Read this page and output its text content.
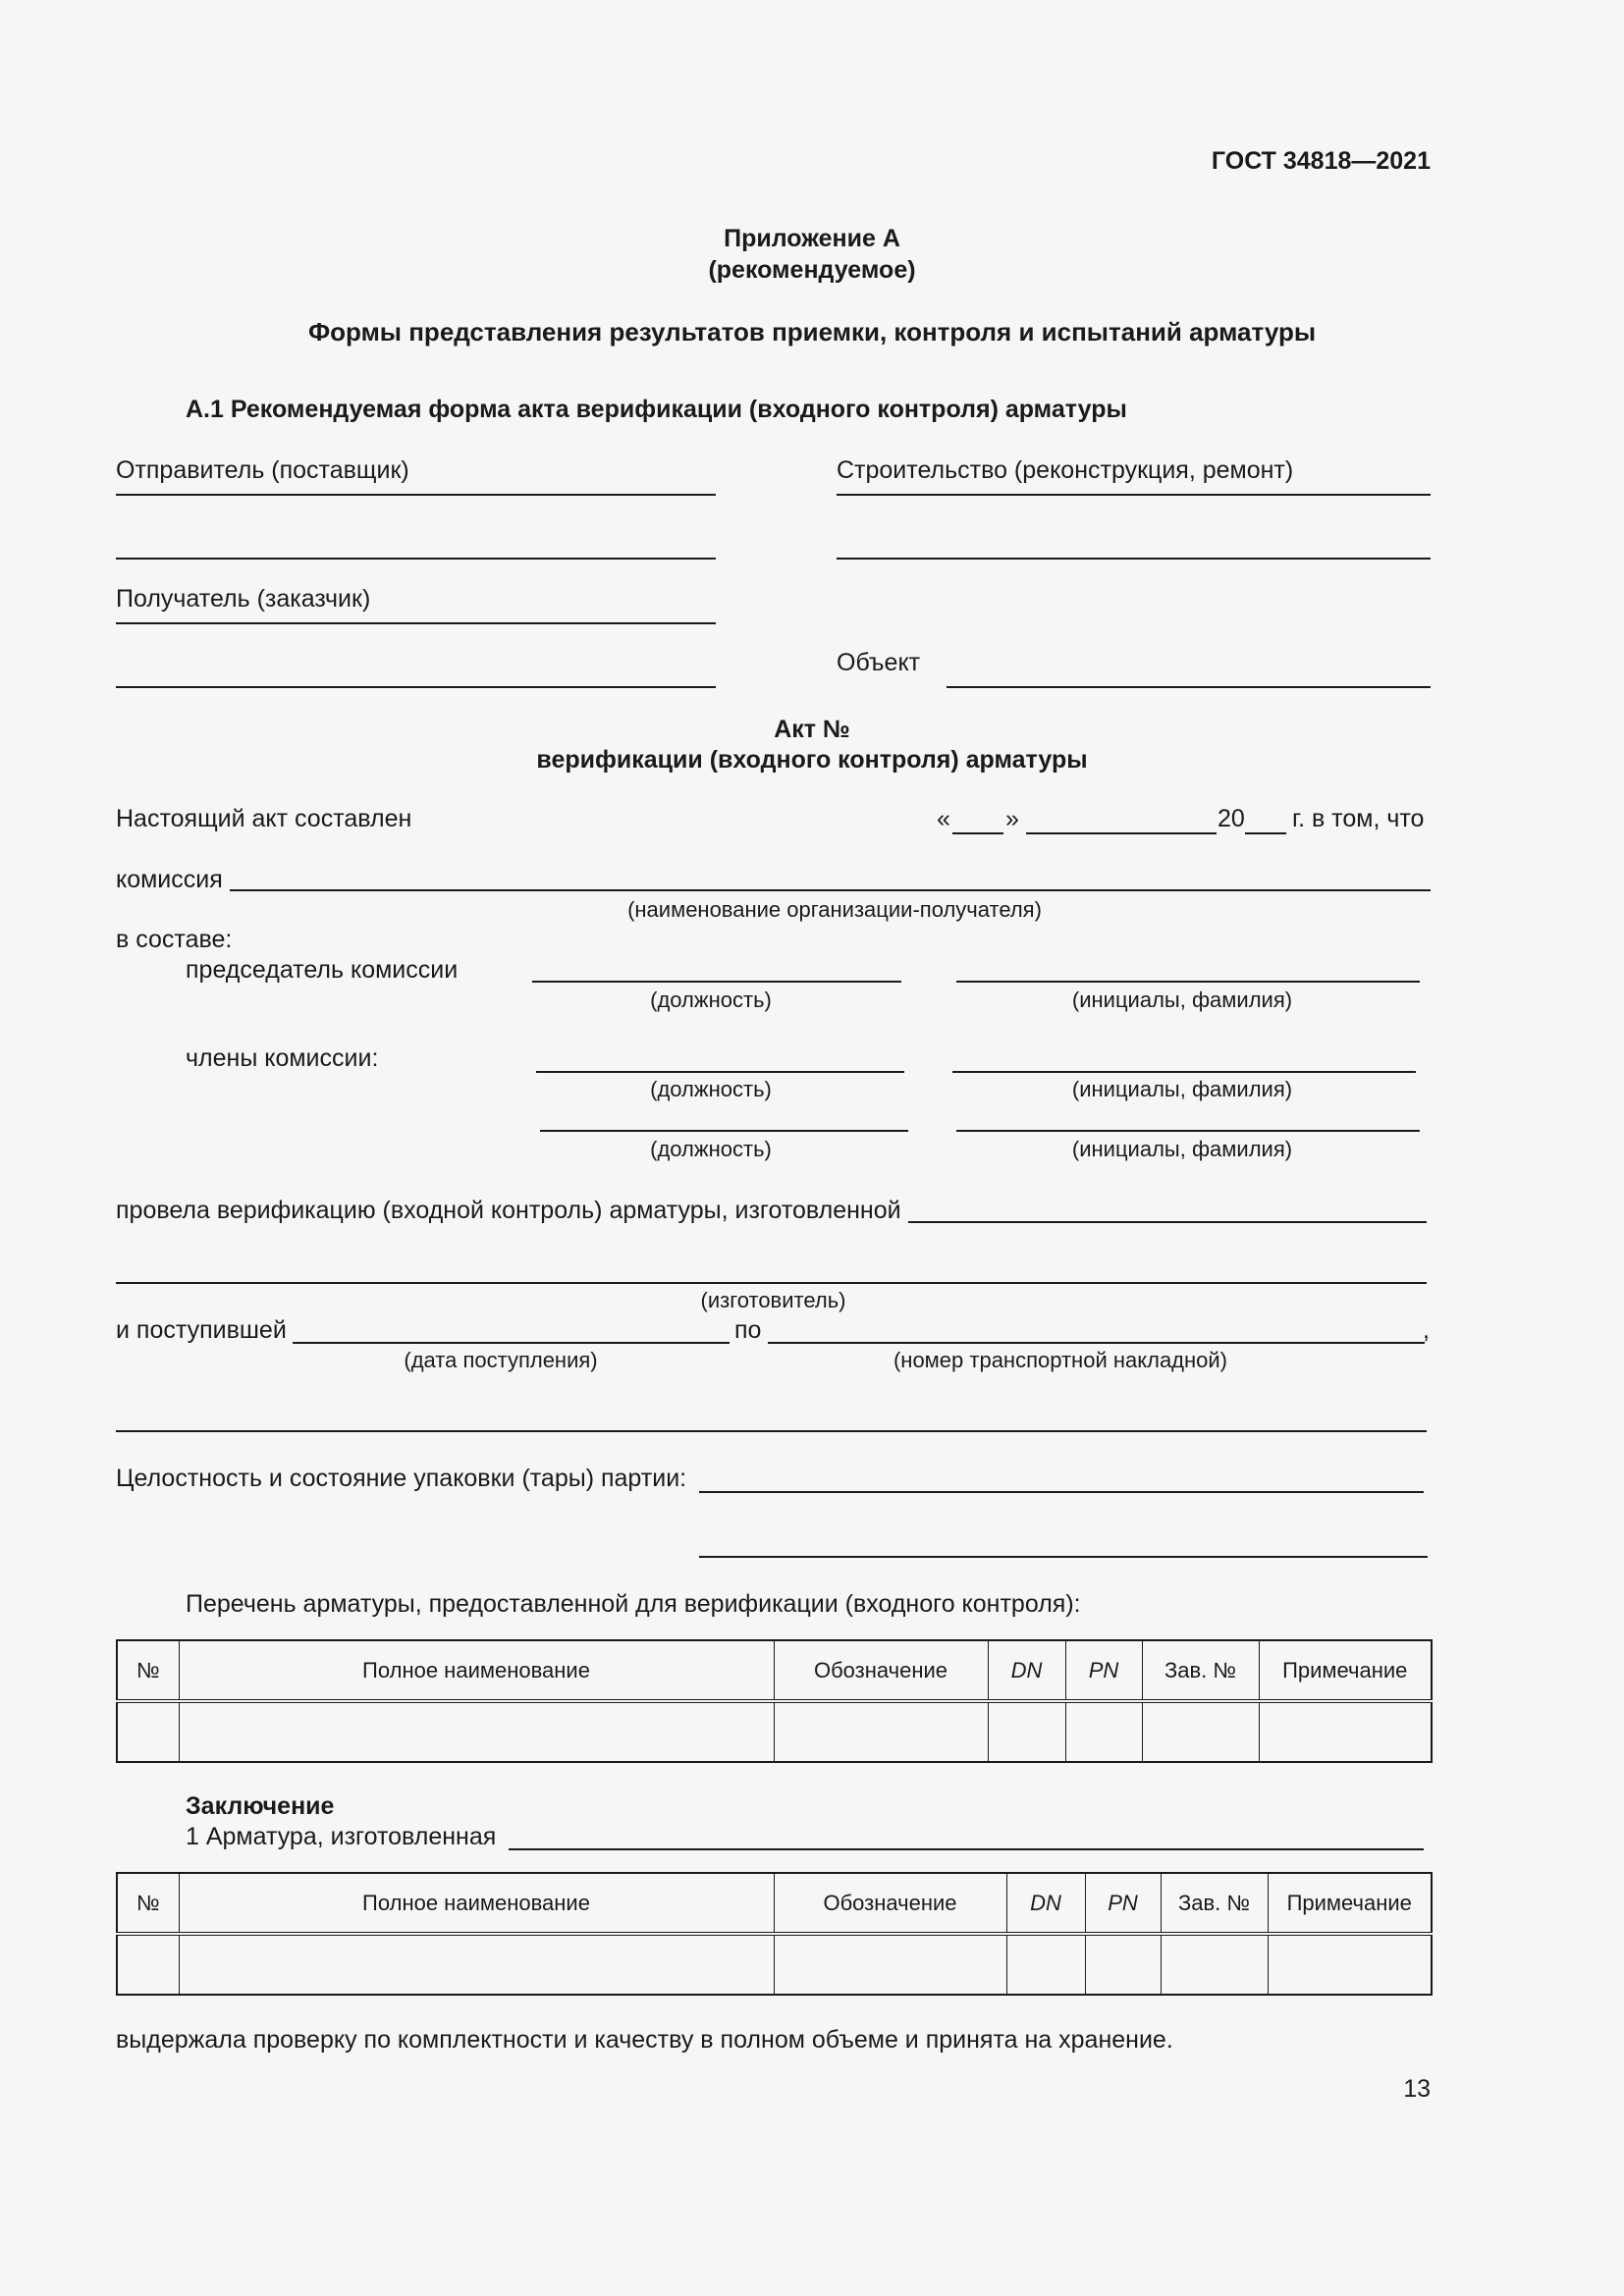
ГОСТ 34818—2021
Приложение А
(рекомендуемое)
Формы представления результатов приемки, контроля и испытаний арматуры
А.1 Рекомендуемая форма акта верификации (входного контроля) арматуры
Отправитель (поставщик)	Строительство (реконструкция, ремонт)
Получатель (заказчик)
Объект
Акт №
верификации (входного контроля) арматуры
Настоящий акт составлен	« »	20 г. в том, что
комиссия
(наименование организации-получателя)
в составе:
председатель комиссии
(должность)	(инициалы, фамилия)
члены комиссии:
(должность)	(инициалы, фамилия)
(должность)	(инициалы, фамилия)
провела верификацию (входной контроль) арматуры, изготовленной
(изготовитель)
и поступившей	по	,
(дата поступления)	(номер транспортной накладной)
Целостность и состояние упаковки (тары) партии:
Перечень арматуры, предоставленной для верификации (входного контроля):
№	Полное наименование	Обозначение	DN	PN	Зав. №	Примечание

Заключение
1 Арматура, изготовленная
№	Полное наименование	Обозначение	DN	PN	Зав. №	Примечание

выдержала проверку по комплектности и качеству в полном объеме и принята на хранение.
13
